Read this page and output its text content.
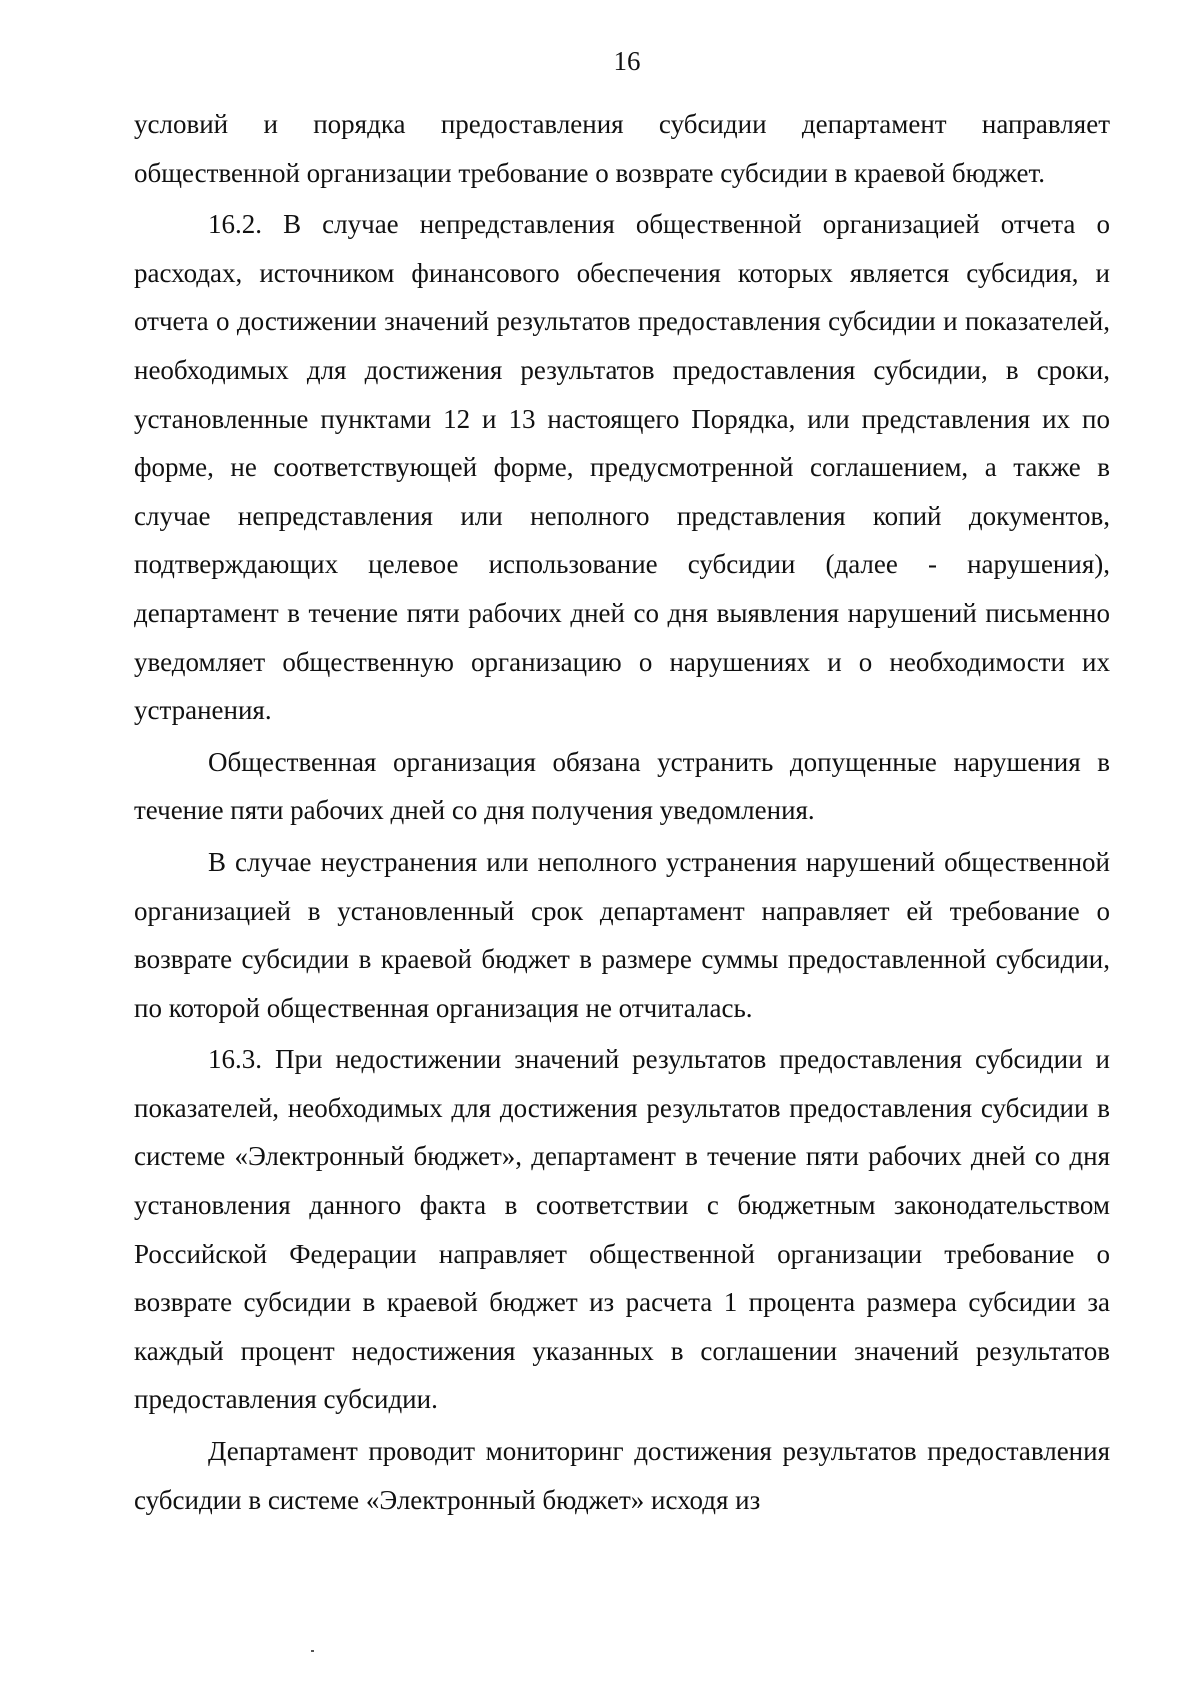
16

условий и порядка предоставления субсидии департамент направляет общественной организации требование о возврате субсидии в краевой бюджет.

16.2. В случае непредставления общественной организацией отчета о расходах, источником финансового обеспечения которых является субсидия, и отчета о достижении значений результатов предоставления субсидии и показателей, необходимых для достижения результатов предоставления субсидии, в сроки, установленные пунктами 12 и 13 настоящего Порядка, или представления их по форме, не соответствующей форме, предусмотренной соглашением, а также в случае непредставления или неполного представления копий документов, подтверждающих целевое использование субсидии (далее - нарушения), департамент в течение пяти рабочих дней со дня выявления нарушений письменно уведомляет общественную организацию о нарушениях и о необходимости их устранения.

Общественная организация обязана устранить допущенные нарушения в течение пяти рабочих дней со дня получения уведомления.

В случае неустранения или неполного устранения нарушений общественной организацией в установленный срок департамент направляет ей требование о возврате субсидии в краевой бюджет в размере суммы предоставленной субсидии, по которой общественная организация не отчиталась.

16.3. При недостижении значений результатов предоставления субсидии и показателей, необходимых для достижения результатов предоставления субсидии в системе «Электронный бюджет», департамент в течение пяти рабочих дней со дня установления данного факта в соответствии с бюджетным законодательством Российской Федерации направляет общественной организации требование о возврате субсидии в краевой бюджет из расчета 1 процента размера субсидии за каждый процент недостижения указанных в соглашении значений результатов предоставления субсидии.

Департамент проводит мониторинг достижения результатов предоставления субсидии в системе «Электронный бюджет» исходя из
